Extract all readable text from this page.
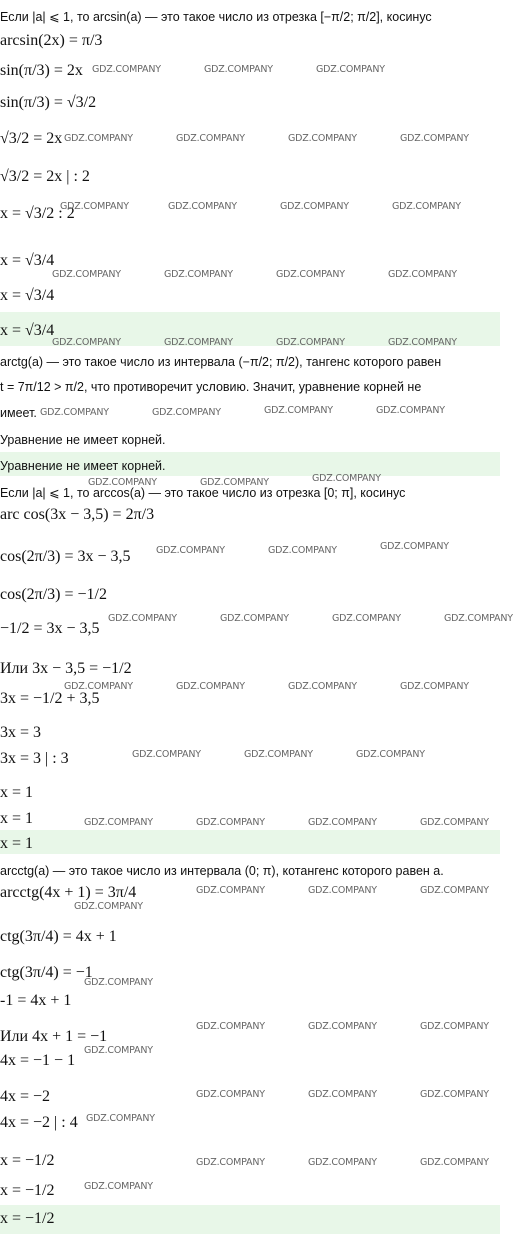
Если |a| ⩽ 1, то arcsin(a) — это такое число из отрезка [−π/2; π/2], косинус
arcsin(2x) = π/3
sin(π/3) = 2x
sin(π/3) = √3/2
√3/2 = 2x
√3/2 = 2x | : 2
x = √3/2 : 2
x = √3/4
x = √3/4
x = √3/4
arctg(a) — это такое число из интервала (−π/2; π/2), тангенс которого равен
t = 7π/12 > π/2, что противоречит условию. Значит, уравнение корней не
имеет.
Уравнение не имеет корней.
Уравнение не имеет корней.
Если |a| ⩽ 1, то arccos(a) — это такое число из отрезка [0; π], косинус
arc cos(3x − 3,5) = 2π/3
cos(2π/3) = 3x − 3,5
cos(2π/3) = −1/2
−1/2 = 3x − 3,5
Или 3x − 3,5 = −1/2
3x = −1/2 + 3,5
3x = 3
3x = 3 | : 3
x = 1
x = 1
x = 1
arcctg(a) — это такое число из интервала (0; π), котангенс которого равен a.
arcctg(4x + 1) = 3π/4
ctg(3π/4) = 4x + 1
ctg(3π/4) = −1
-1 = 4x + 1
Или 4x + 1 = −1
4x = −1 − 1
4x = −2
4x = −2 | : 4
x = −1/2
x = −1/2
x = −1/2
GDZ.COMPANY	GDZ.COMPANY	GDZ.COMPANY
GDZ.COMPANY	GDZ.COMPANY	GDZ.COMPANY	GDZ.COMPANY
GDZ.COMPANY	GDZ.COMPANY	GDZ.COMPANY	GDZ.COMPANY
GDZ.COMPANY	GDZ.COMPANY	GDZ.COMPANY	GDZ.COMPANY
GDZ.COMPANY	GDZ.COMPANY	GDZ.COMPANY	GDZ.COMPANY
GDZ.COMPANY	GDZ.COMPANY	GDZ.COMPANY	GDZ.COMPANY
GDZ.COMPANY	GDZ.COMPANY	GDZ.COMPANY
GDZ.COMPANY	GDZ.COMPANY	GDZ.COMPANY
GDZ.COMPANY	GDZ.COMPANY	GDZ.COMPANY	GDZ.COMPANY
GDZ.COMPANY	GDZ.COMPANY	GDZ.COMPANY	GDZ.COMPANY
GDZ.COMPANY	GDZ.COMPANY	GDZ.COMPANY
GDZ.COMPANY	GDZ.COMPANY	GDZ.COMPANY	GDZ.COMPANY
GDZ.COMPANY	GDZ.COMPANY	GDZ.COMPANY
GDZ.COMPANY
GDZ.COMPANY
GDZ.COMPANY	GDZ.COMPANY	GDZ.COMPANY
GDZ.COMPANY
GDZ.COMPANY	GDZ.COMPANY	GDZ.COMPANY
GDZ.COMPANY
GDZ.COMPANY	GDZ.COMPANY	GDZ.COMPANY
GDZ.COMPANY
